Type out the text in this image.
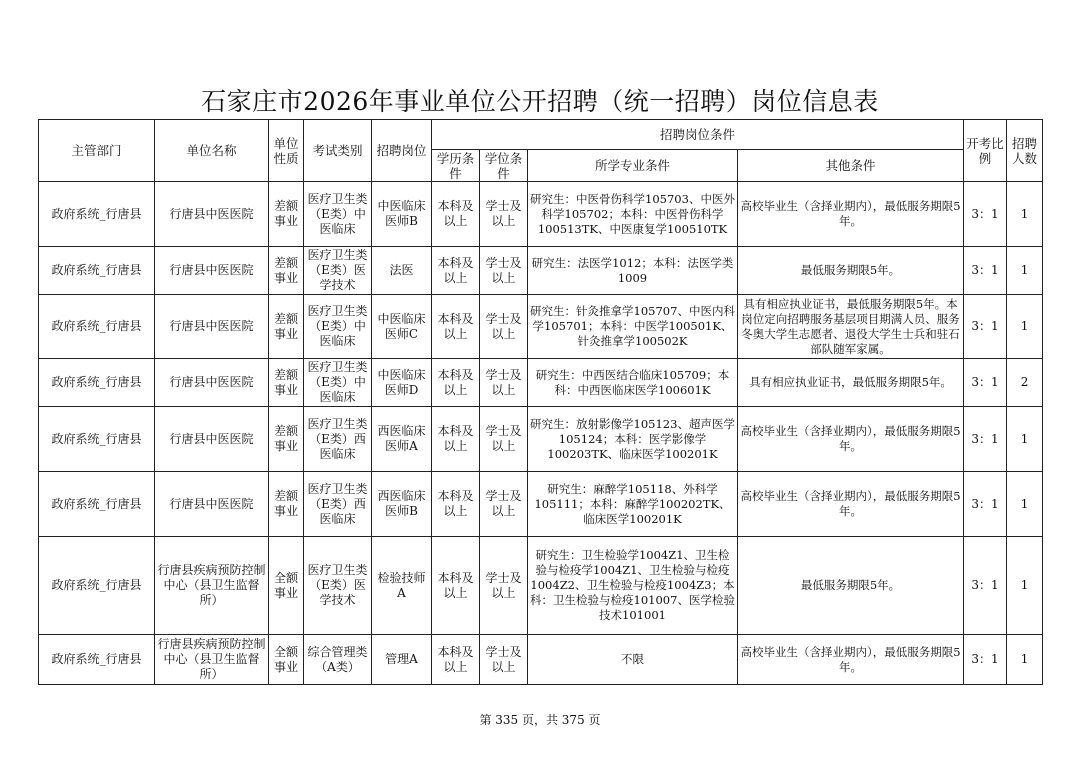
石家庄市2026年事业单位公开招聘（统一招聘）岗位信息表
主管部门	单位名称	单位性质	考试类别	招聘岗位	招聘岗位条件				开考比例	招聘人数
					学历条件	学位条件	所学专业条件	其他条件		
政府系统_行唐县	行唐县中医医院	差额事业	医疗卫生类（E类）中医临床	中医临床医师B	本科及以上	学士及以上	研究生：中医骨伤科学105703、中医外科学105702；本科：中医骨伤科学100513TK、中医康复学100510TK	高校毕业生（含择业期内），最低服务期限5年。	3：1	1
政府系统_行唐县	行唐县中医医院	差额事业	医疗卫生类（E类）医学技术	法医	本科及以上	学士及以上	研究生：法医学1012；本科：法医学类1009	最低服务期限5年。	3：1	1
政府系统_行唐县	行唐县中医医院	差额事业	医疗卫生类（E类）中医临床	中医临床医师C	本科及以上	学士及以上	研究生：针灸推拿学105707、中医内科学105701；本科：中医学100501K、针灸推拿学100502K	具有相应执业证书，最低服务期限5年。本岗位定向招聘服务基层项目期满人员、服务冬奥大学生志愿者、退役大学生士兵和驻石部队随军家属。	3：1	1
政府系统_行唐县	行唐县中医医院	差额事业	医疗卫生类（E类）中医临床	中医临床医师D	本科及以上	学士及以上	研究生：中西医结合临床105709；本科：中西医临床医学100601K	具有相应执业证书，最低服务期限5年。	3：1	2
政府系统_行唐县	行唐县中医医院	差额事业	医疗卫生类（E类）西医临床	西医临床医师A	本科及以上	学士及以上	研究生：放射影像学105123、超声医学105124；本科：医学影像学100203TK、临床医学100201K	高校毕业生（含择业期内），最低服务期限5年。	3：1	1
政府系统_行唐县	行唐县中医医院	差额事业	医疗卫生类（E类）西医临床	西医临床医师B	本科及以上	学士及以上	研究生：麻醉学105118、外科学105111；本科：麻醉学100202TK、临床医学100201K	高校毕业生（含择业期内），最低服务期限5年。	3：1	1
政府系统_行唐县	行唐县疾病预防控制中心（县卫生监督所）	全额事业	医疗卫生类（E类）医学技术	检验技师A	本科及以上	学士及以上	研究生：卫生检验学1004Z1、卫生检验与检疫学1004Z1、卫生检验与检疫1004Z2、卫生检验与检疫1004Z3；本科：卫生检验与检疫101007、医学检验技术101001	最低服务期限5年。	3：1	1
政府系统_行唐县	行唐县疾病预防控制中心（县卫生监督所）	全额事业	综合管理类（A类）	管理A	本科及以上	学士及以上	不限	高校毕业生（含择业期内），最低服务期限5年。	3：1	1
第 335 页，共 375 页
